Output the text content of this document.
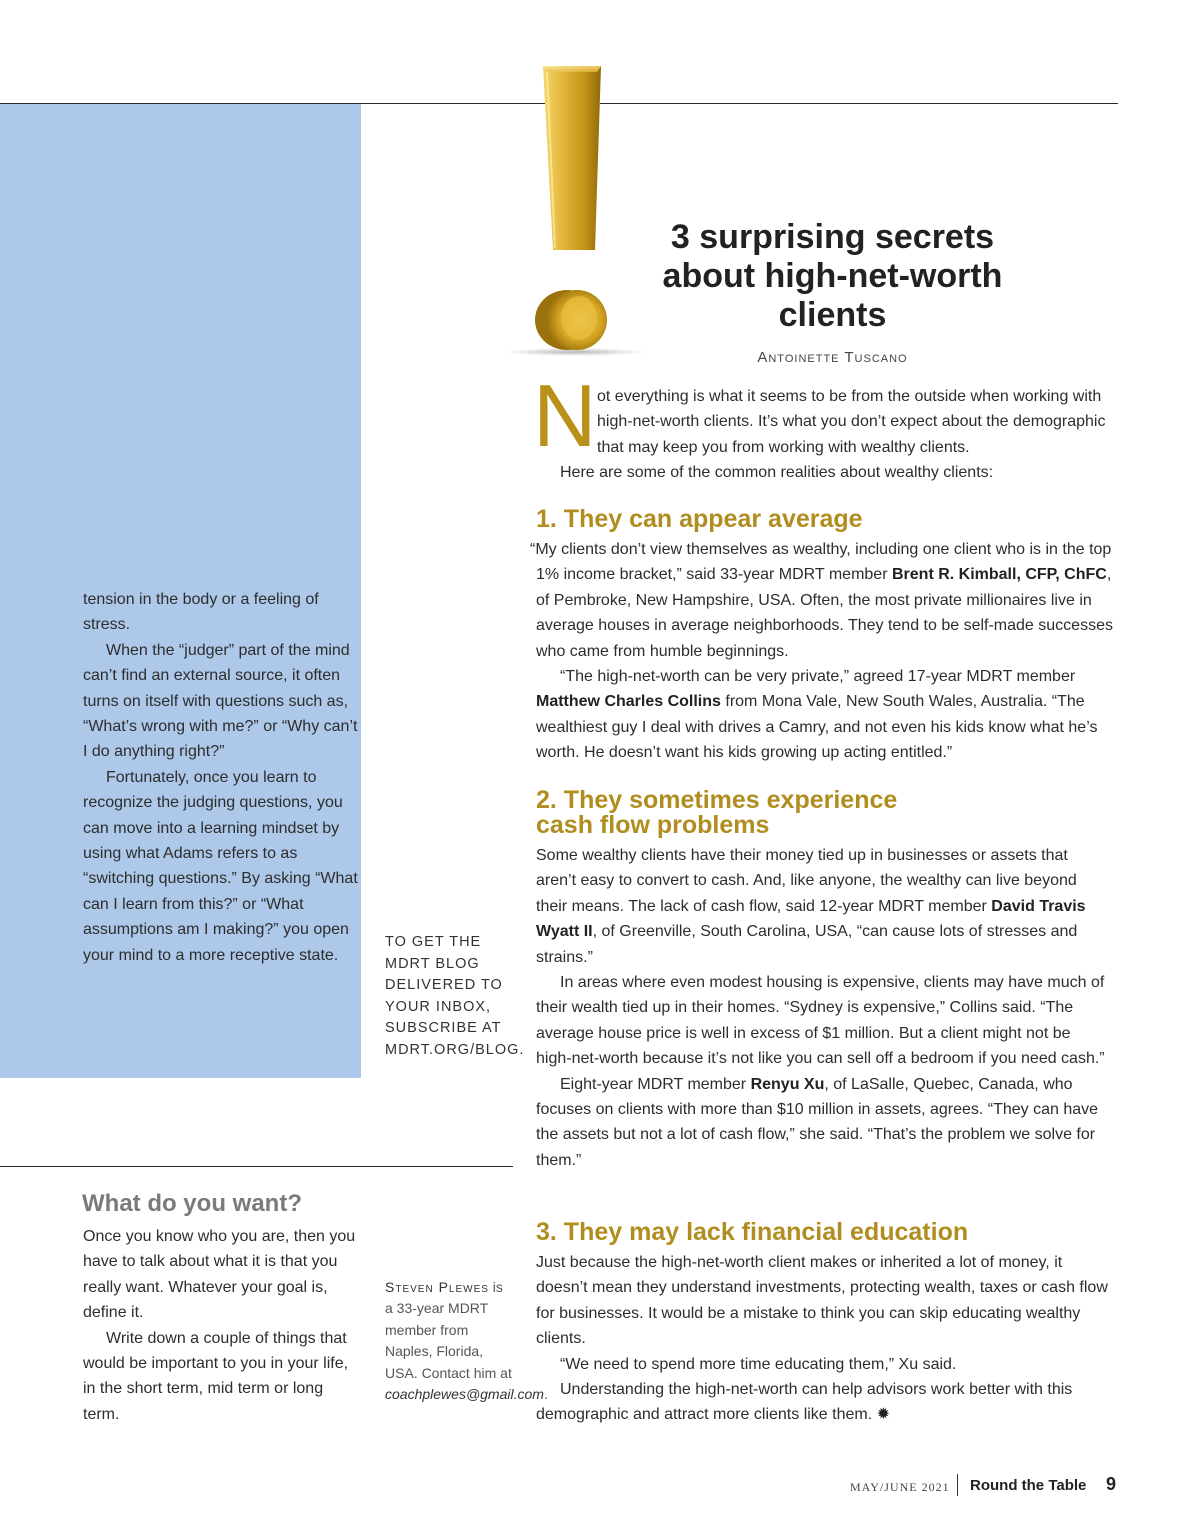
3 surprising secrets about high-net-worth clients
Antoinette Tuscano
N ot everything is what it seems to be from the outside when working with high-net-worth clients. It’s what you don’t expect about the demographic that may keep you from working with wealthy clients.

Here are some of the common realities about wealthy clients:

1. They can appear average

“My clients don’t view themselves as wealthy, including one client who is in the top 1% income bracket,” said 33-year MDRT member Brent R. Kimball, CFP, ChFC, of Pembroke, New Hampshire, USA. Often, the most private millionaires live in average houses in average neighborhoods. They tend to be self-made successes who came from humble beginnings.

“The high-net-worth can be very private,” agreed 17-year MDRT member Matthew Charles Collins from Mona Vale, New South Wales, Australia. “The wealthiest guy I deal with drives a Camry, and not even his kids know what he’s worth. He doesn’t want his kids growing up acting entitled.”

2. They sometimes experience
cash flow problems

Some wealthy clients have their money tied up in businesses or assets that aren’t easy to convert to cash. And, like anyone, the wealthy can live beyond their means. The lack of cash flow, said 12-year MDRT member David Travis Wyatt II, of Greenville, South Carolina, USA, “can cause lots of stresses and strains.”

In areas where even modest housing is expensive, clients may have much of their wealth tied up in their homes. “Sydney is expensive,” Collins said. “The average house price is well in excess of $1 million. But a client might not be high-net-worth because it’s not like you can sell off a bedroom if you need cash.”

Eight-year MDRT member Renyu Xu, of LaSalle, Quebec, Canada, who focuses on clients with more than $10 million in assets, agrees. “They can have the assets but not a lot of cash flow,” she said. “That’s the problem we solve for them.”

3. They may lack financial education

Just because the high-net-worth client makes or inherited a lot of money, it doesn’t mean they understand investments, protecting wealth, taxes or cash flow for businesses. It would be a mistake to think you can skip educating wealthy clients.

“We need to spend more time educating them,” Xu said.

Understanding the high-net-worth can help advisors work better with this demographic and attract more clients like them. ✹

tension in the body or a feeling of stress.

When the “judger” part of the mind can’t find an external source, it often turns on itself with questions such as, “What’s wrong with me?” or “Why can’t I do anything right?”

Fortunately, once you learn to recognize the judging questions, you can move into a learning mindset by using what Adams refers to as “switching questions.” By asking “What can I learn from this?” or “What assumptions am I making?” you open your mind to a more receptive state.

TO GET THE MDRT BLOG DELIVERED TO YOUR INBOX, SUBSCRIBE AT MDRT.ORG/BLOG.
What do you want?

Once you know who you are, then you have to talk about what it is that you really want. Whatever your goal is, define it.

Write down a couple of things that would be important to you in your life, in the short term, mid term or long term.

Steven Plewes is a 33-year MDRT member from Naples, Florida, USA. Contact him at coachplewes@gmail.com.
MAY/JUNE 2021 Round the Table 9
